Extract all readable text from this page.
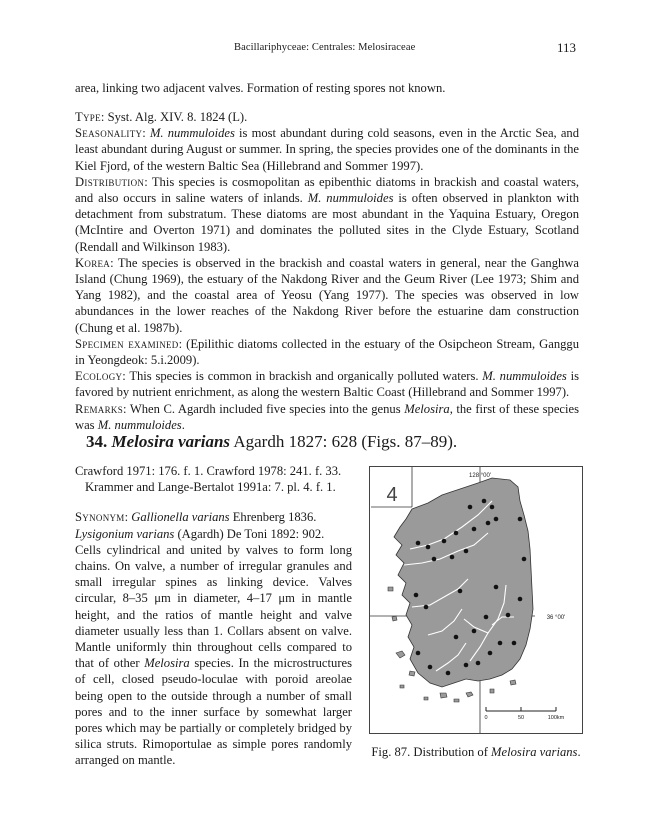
Bacillariphyceae: Centrales: Melosiraceae	113
area, linking two adjacent valves. Formation of resting spores not known.

Type: Syst. Alg. XIV. 8. 1824 (L).

Seasonality: M. nummuloides is most abundant during cold seasons, even in the Arctic Sea, and least abundant during August or summer. In spring, the species provides one of the dominants in the Kiel Fjord, of the western Baltic Sea (Hillebrand and Sommer 1997).

Distribution: This species is cosmopolitan as epibenthic diatoms in brackish and coastal waters, and also occurs in saline waters of inlands. M. nummuloides is often observed in plankton with detachment from substratum. These diatoms are most abundant in the Yaquina Estuary, Oregon (McIntire and Overton 1971) and dominates the polluted sites in the Clyde Estuary, Scotland (Rendall and Wilkinson 1983).

Korea: The species is observed in the brackish and coastal waters in general, near the Ganghwa Island (Chung 1969), the estuary of the Nakdong River and the Geum River (Lee 1973; Shim and Yang 1982), and the coastal area of Yeosu (Yang 1977). The species was observed in low abundances in the lower reaches of the Nakdong River before the estuarine dam construction (Chung et al. 1987b).

Specimen examined: (Epilithic diatoms collected in the estuary of the Osipcheon Stream, Ganggu in Yeongdeok: 5.i.2009).

Ecology: This species is common in brackish and organically polluted waters. M. nummuloides is favored by nutrient enrichment, as along the western Baltic Coast (Hillebrand and Sommer 1997).

Remarks: When C. Agardh included five species into the genus Melosira, the first of these species was M. nummuloides.

34. Melosira varians Agardh 1827: 628 (Figs. 87–89).

Crawford 1971: 176. f. 1. Crawford 1978: 241. f. 33.

Krammer and Lange-Bertalot 1991a: 7. pl. 4. f. 1.

Synonym: Gallionella varians Ehrenberg 1836.

Lysigonium varians (Agardh) De Toni 1892: 902.

Cells cylindrical and united by valves to form long chains. On valve, a number of irregular granules and small irregular spines as linking device. Valves circular, 8–35 μm in diameter, 4–17 μm in mantle height, and the ratios of mantle height and valve diameter usually less than 1. Collars absent on valve. Mantle uniformly thin throughout cells compared to that of other Melosira species. In the microstructures of cell, closed pseudo-loculae with poroid areolae being open to the outside through a number of small pores and to the inner surface by somewhat larger pores which may be partially or completely bridged by silica struts. Rimoportulae as simple pores randomly arranged on mantle.

4
128 °00'
36 °00'
0	50	100km
Fig. 87. Distribution of Melosira varians.
